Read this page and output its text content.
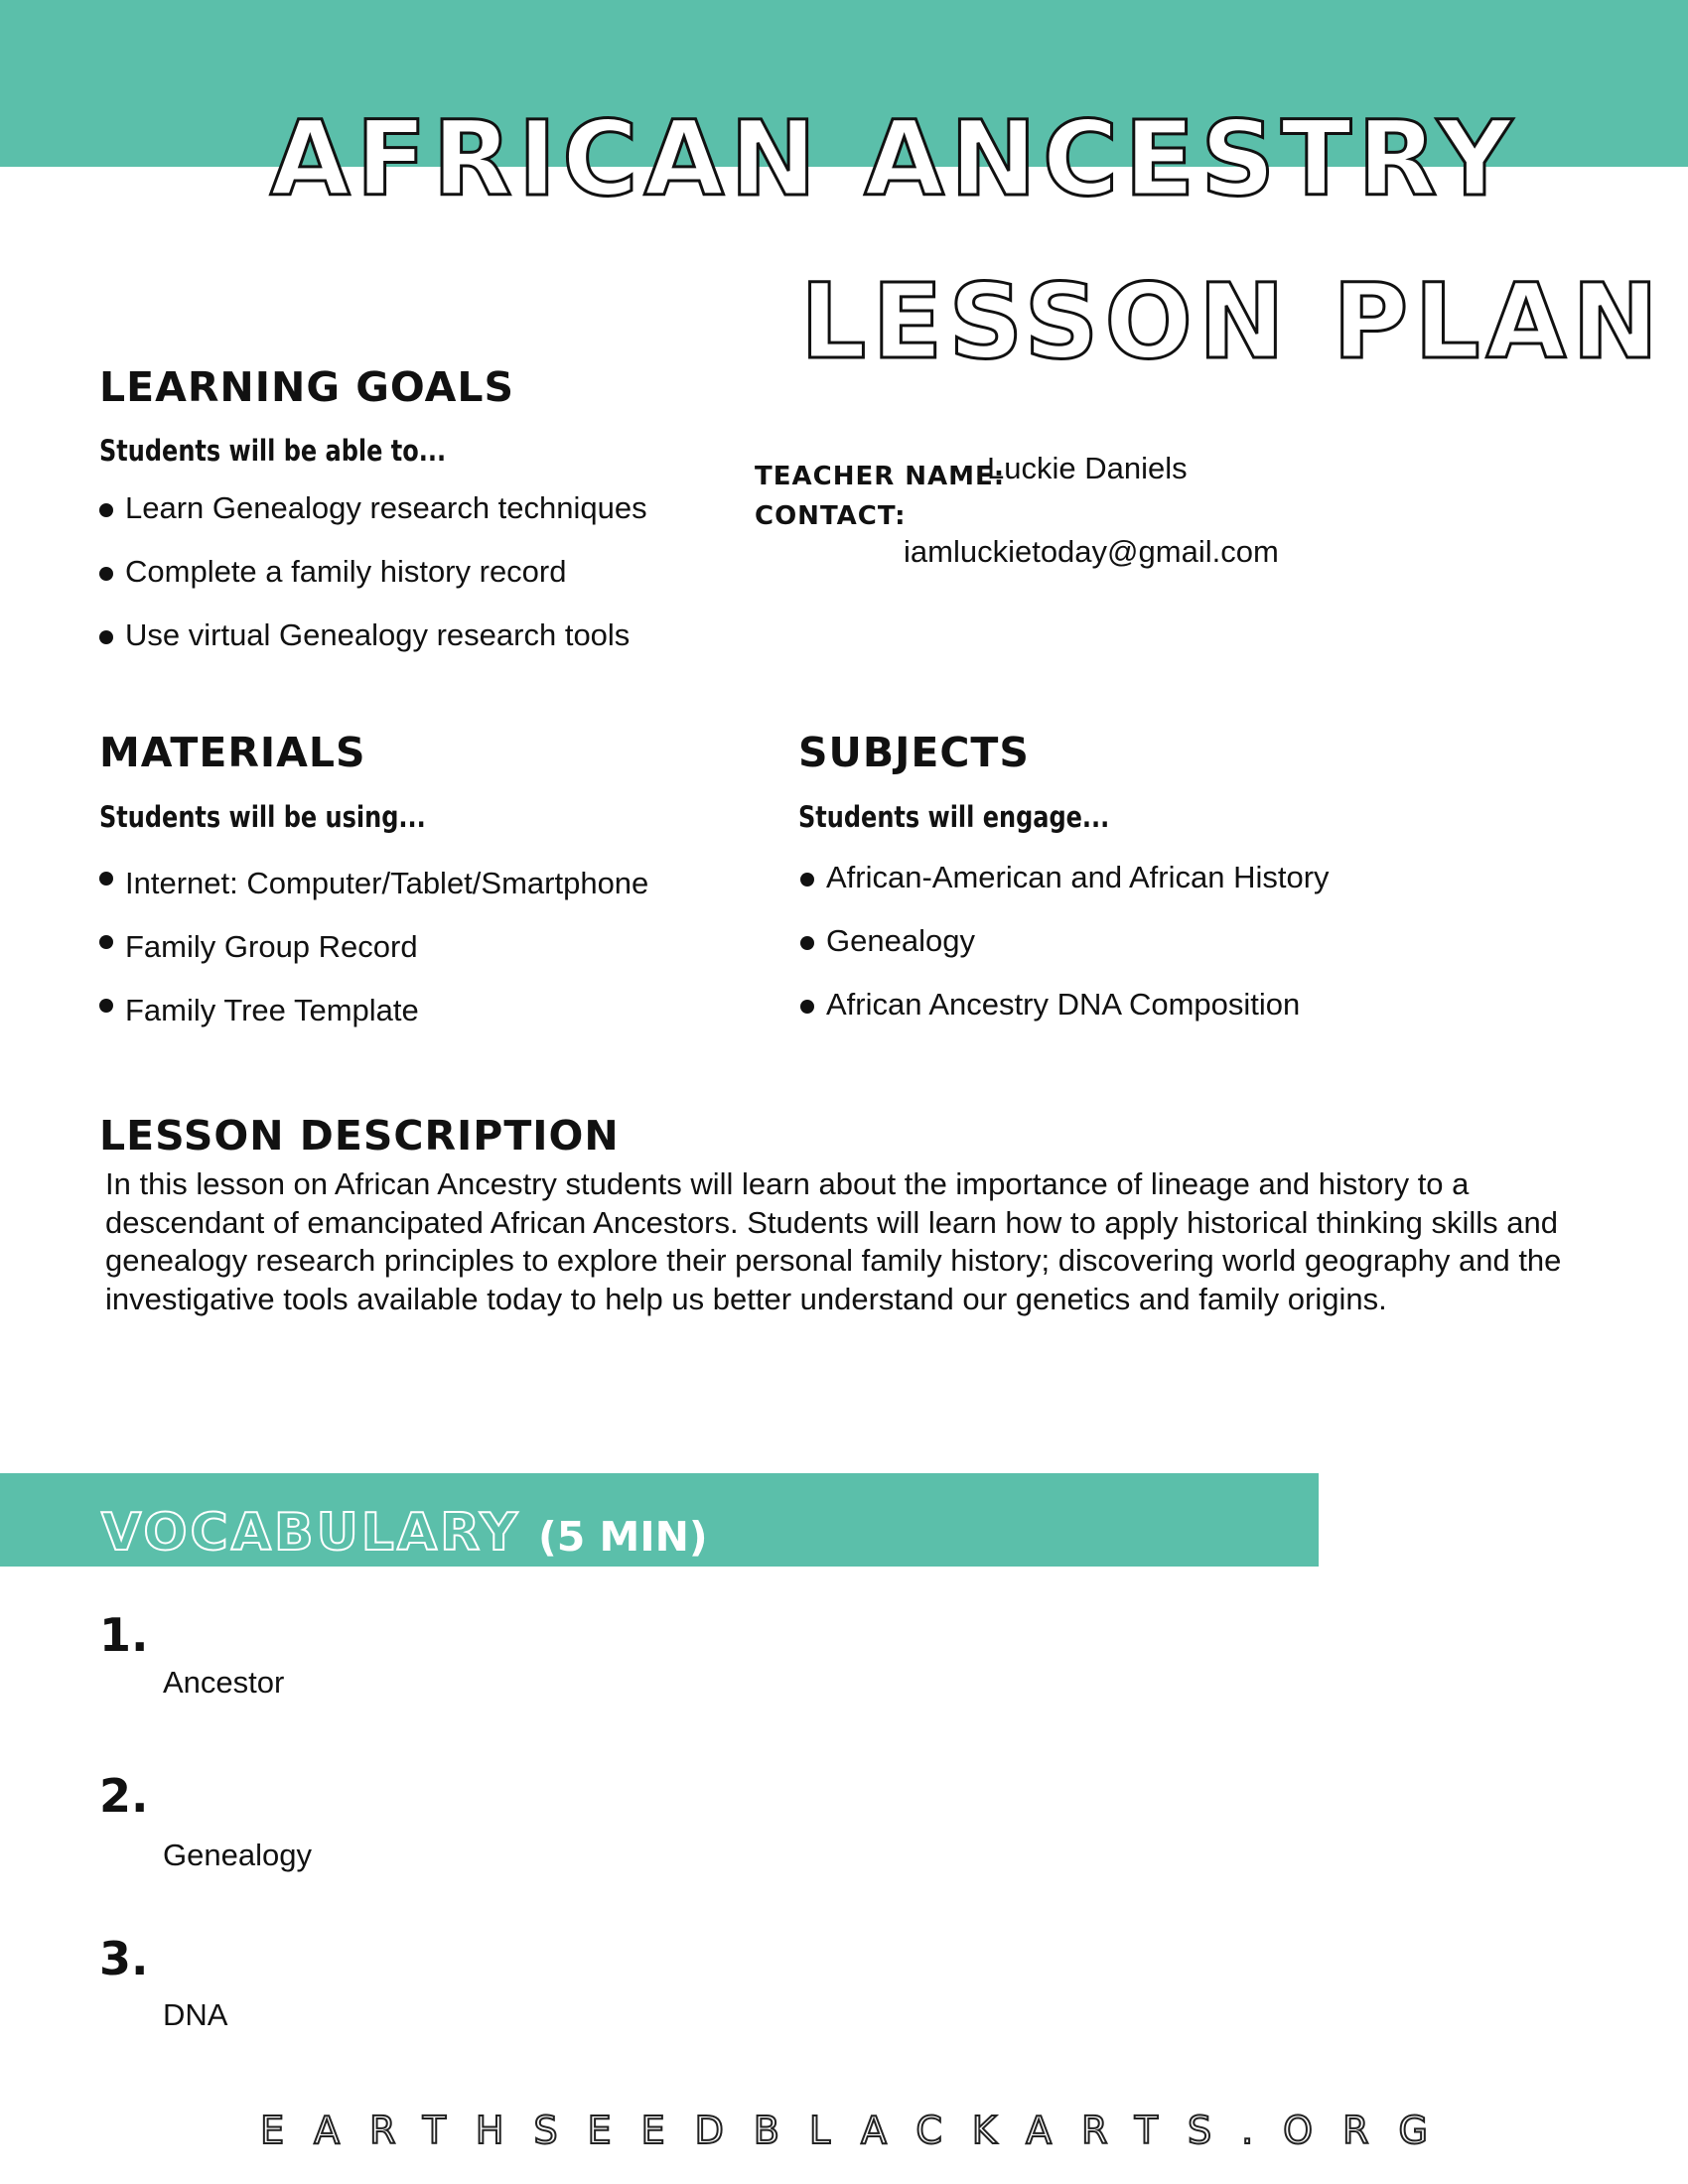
AFRICAN ANCESTRY
LESSON PLAN
LEARNING GOALS

Students will be able to...

Learn Genealogy research techniques
Complete a family history record
Use virtual Genealogy research tools

TEACHER NAME:

Luckie Daniels

CONTACT:

iamluckietoday@gmail.com

MATERIALS

Students will be using...

Internet: Computer/Tablet/Smartphone
Family Group Record
Family Tree Template
SUBJECTS

Students will engage...

African-American and African History
Genealogy
African Ancestry DNA Composition
LESSON DESCRIPTION

In this lesson on African Ancestry students will learn about the importance of lineage and history to a descendant of emancipated African Ancestors. Students will learn how to apply historical thinking skills and genealogy research principles to explore their personal family history; discovering world geography and the investigative tools available today to help us better understand our genetics and family origins.

VOCABULARY (5 MIN)

1.

Ancestor

2.

Genealogy

3.

DNA

EARTHSEEDBLACKARTS.ORG
